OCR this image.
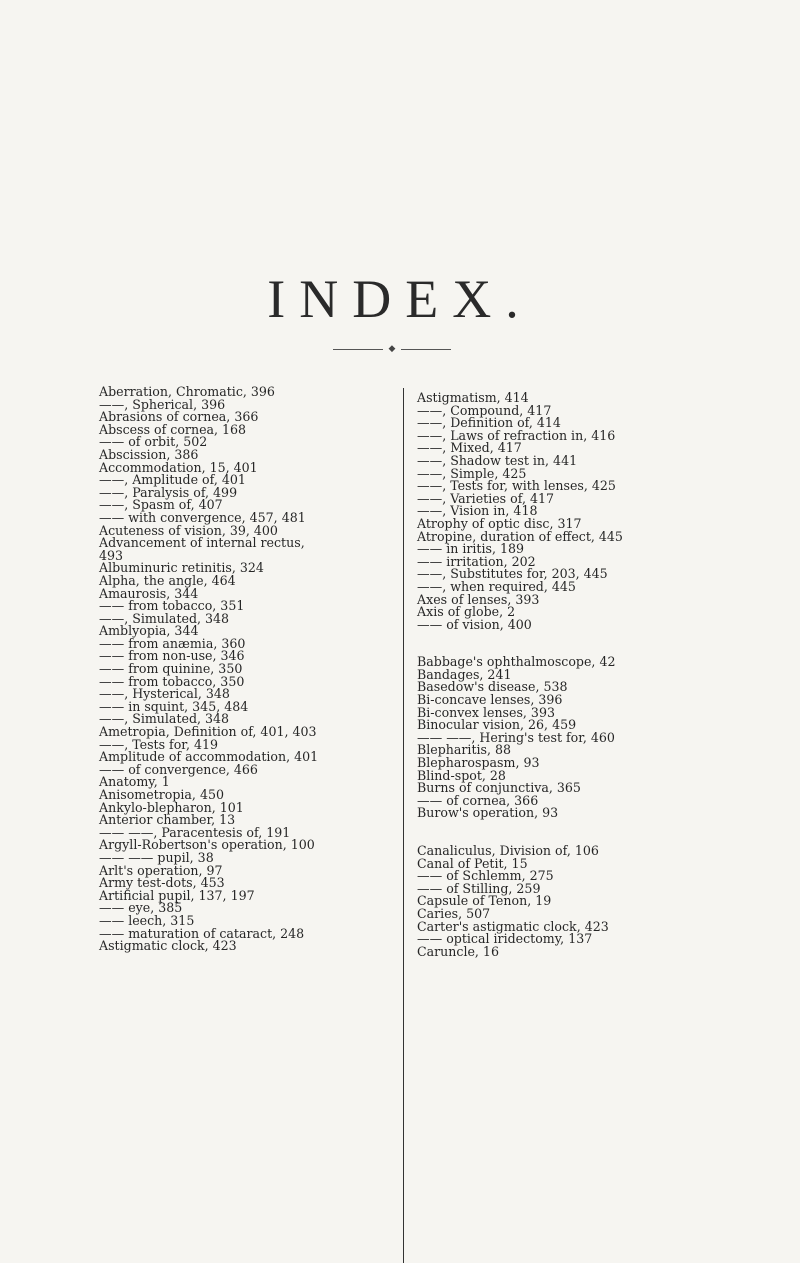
INDEX.
◆
Aberration, Chromatic, 396
——, Spherical, 396
Abrasions of cornea, 366
Abscess of cornea, 168
—— of orbit, 502
Abscission, 386
Accommodation, 15, 401
——, Amplitude of, 401
——, Paralysis of, 499
——, Spasm of, 407
—— with convergence, 457, 481
Acuteness of vision, 39, 400
Advancement of internal rectus,
493
Albuminuric retinitis, 324
Alpha, the angle, 464
Amaurosis, 344
—— from tobacco, 351
——, Simulated, 348
Amblyopia, 344
—— from anæmia, 360
—— from non-use, 346
—— from quinine, 350
—— from tobacco, 350
——, Hysterical, 348
—— in squint, 345, 484
——, Simulated, 348
Ametropia, Definition of, 401, 403
——, Tests for, 419
Amplitude of accommodation, 401
—— of convergence, 466
Anatomy, 1
Anisometropia, 450
Ankylo-blepharon, 101
Anterior chamber, 13
—— ——, Paracentesis of, 191
Argyll-Robertson's operation, 100
—— —— pupil, 38
Arlt's operation, 97
Army test-dots, 453
Artificial pupil, 137, 197
—— eye, 385
—— leech, 315
—— maturation of cataract, 248
Astigmatic clock, 423
Astigmatism, 414
——, Compound, 417
——, Definition of, 414
——, Laws of refraction in, 416
——, Mixed, 417
——, Shadow test in, 441
——, Simple, 425
——, Tests for, with lenses, 425
——, Varieties of, 417
——, Vision in, 418
Atrophy of optic disc, 317
Atropine, duration of effect, 445
—— in iritis, 189
—— irritation, 202
——, Substitutes for, 203, 445
——, when required, 445
Axes of lenses, 393
Axis of globe, 2
—— of vision, 400
Babbage's ophthalmoscope, 42
Bandages, 241
Basedow's disease, 538
Bi-concave lenses, 396
Bi-convex lenses, 393
Binocular vision, 26, 459
—— ——, Hering's test for, 460
Blepharitis, 88
Blepharospasm, 93
Blind-spot, 28
Burns of conjunctiva, 365
—— of cornea, 366
Burow's operation, 93
Canaliculus, Division of, 106
Canal of Petit, 15
—— of Schlemm, 275
—— of Stilling, 259
Capsule of Tenon, 19
Caries, 507
Carter's astigmatic clock, 423
—— optical iridectomy, 137
Caruncle, 16
